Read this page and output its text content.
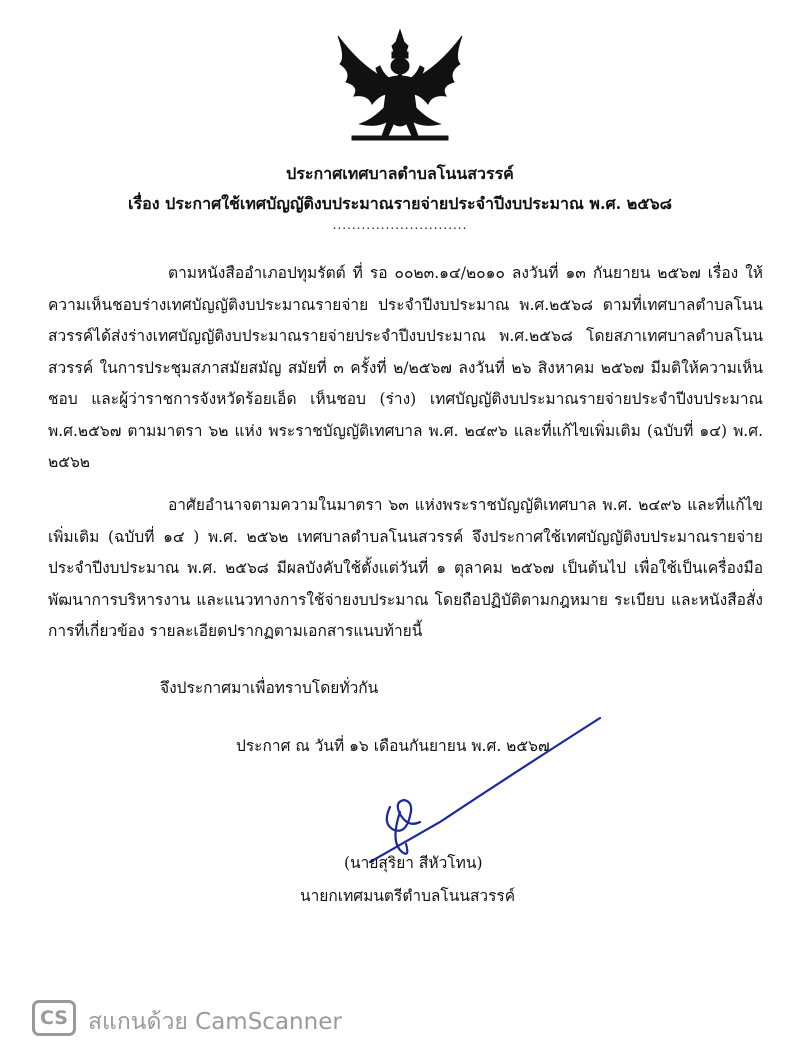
ประกาศเทศบาลตำบลโนนสวรรค์
เรื่อง ประกาศใช้เทศบัญญัติงบประมาณรายจ่ายประจำปีงบประมาณ พ.ศ. ๒๕๖๘
............................
ตามหนังสืออำเภอปทุมรัตต์ ที่ รอ ๐๐๒๓.๑๔/๒๐๑๐ ลงวันที่ ๑๓ กันยายน ๒๕๖๗ เรื่อง ให้ความเห็นชอบร่างเทศบัญญัติงบประมาณรายจ่าย ประจำปีงบประมาณ พ.ศ.๒๕๖๘ ตามที่เทศบาลตำบลโนนสวรรค์ได้ส่งร่างเทศบัญญัติงบประมาณรายจ่ายประจำปีงบประมาณ พ.ศ.๒๕๖๘ โดยสภาเทศบาลตำบลโนนสวรรค์ ในการประชุมสภาสมัยสมัญ สมัยที่ ๓ ครั้งที่ ๒/๒๕๖๗ ลงวันที่ ๒๖ สิงหาคม ๒๕๖๗ มีมติให้ความเห็นชอบ และผู้ว่าราชการจังหวัดร้อยเอ็ด เห็นชอบ (ร่าง) เทศบัญญัติงบประมาณรายจ่ายประจำปีงบประมาณ พ.ศ.๒๕๖๗ ตามมาตรา ๖๒ แห่ง พระราชบัญญัติเทศบาล พ.ศ. ๒๔๙๖ และที่แก้ไขเพิ่มเติม (ฉบับที่ ๑๔) พ.ศ. ๒๕๖๒
อาศัยอำนาจตามความในมาตรา ๖๓ แห่งพระราชบัญญัติเทศบาล พ.ศ. ๒๔๙๖ และที่แก้ไขเพิ่มเติม (ฉบับที่ ๑๔ ) พ.ศ. ๒๕๖๒ เทศบาลตำบลโนนสวรรค์ จึงประกาศใช้เทศบัญญัติงบประมาณรายจ่ายประจำปีงบประมาณ พ.ศ. ๒๕๖๘ มีผลบังคับใช้ตั้งแต่วันที่ ๑ ตุลาคม ๒๕๖๗ เป็นต้นไป เพื่อใช้เป็นเครื่องมือพัฒนาการบริหารงาน และแนวทางการใช้จ่ายงบประมาณ โดยถือปฏิบัติตามกฎหมาย ระเบียบ และหนังสือสั่งการที่เกี่ยวข้อง รายละเอียดปรากฏตามเอกสารแนบท้ายนี้
จึงประกาศมาเพื่อทราบโดยทั่วกัน
ประกาศ ณ วันที่ ๑๖ เดือนกันยายน พ.ศ. ๒๕๖๗
(นายสุริยา สีหัวโทน)
นายกเทศมนตรีตำบลโนนสวรรค์
CS สแกนด้วย CamScanner
